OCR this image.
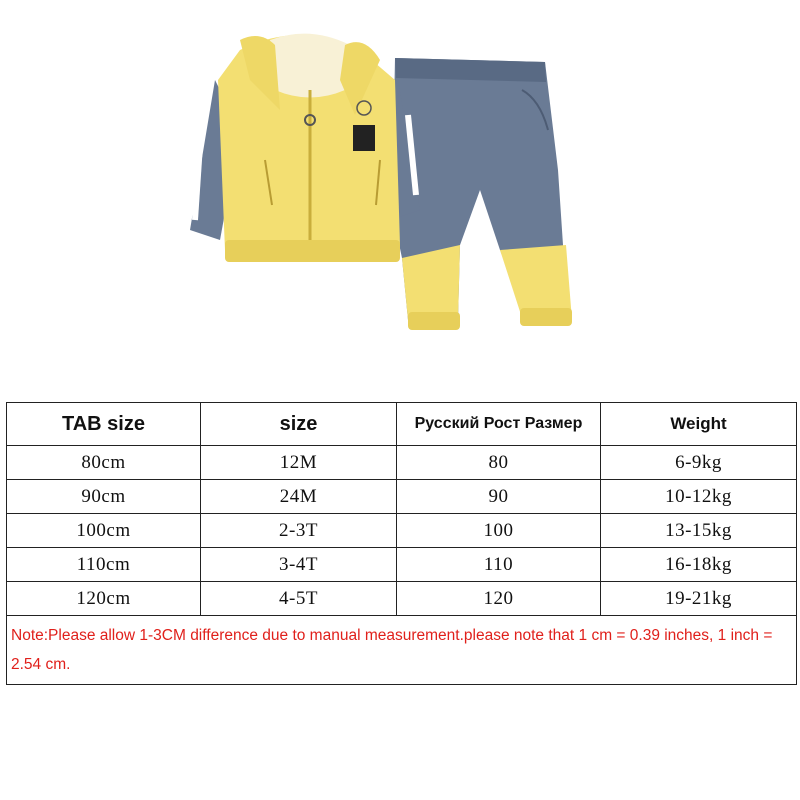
TAB size	size	Русский Рост Размер	Weight
80cm	12M	80	6-9kg
90cm	24M	90	10-12kg
100cm	2-3T	100	13-15kg
110cm	3-4T	110	16-18kg
120cm	4-5T	120	19-21kg
Note:Please allow 1-3CM difference due to manual measurement.please note that 1 cm = 0.39 inches, 1 inch = 2.54 cm.			
